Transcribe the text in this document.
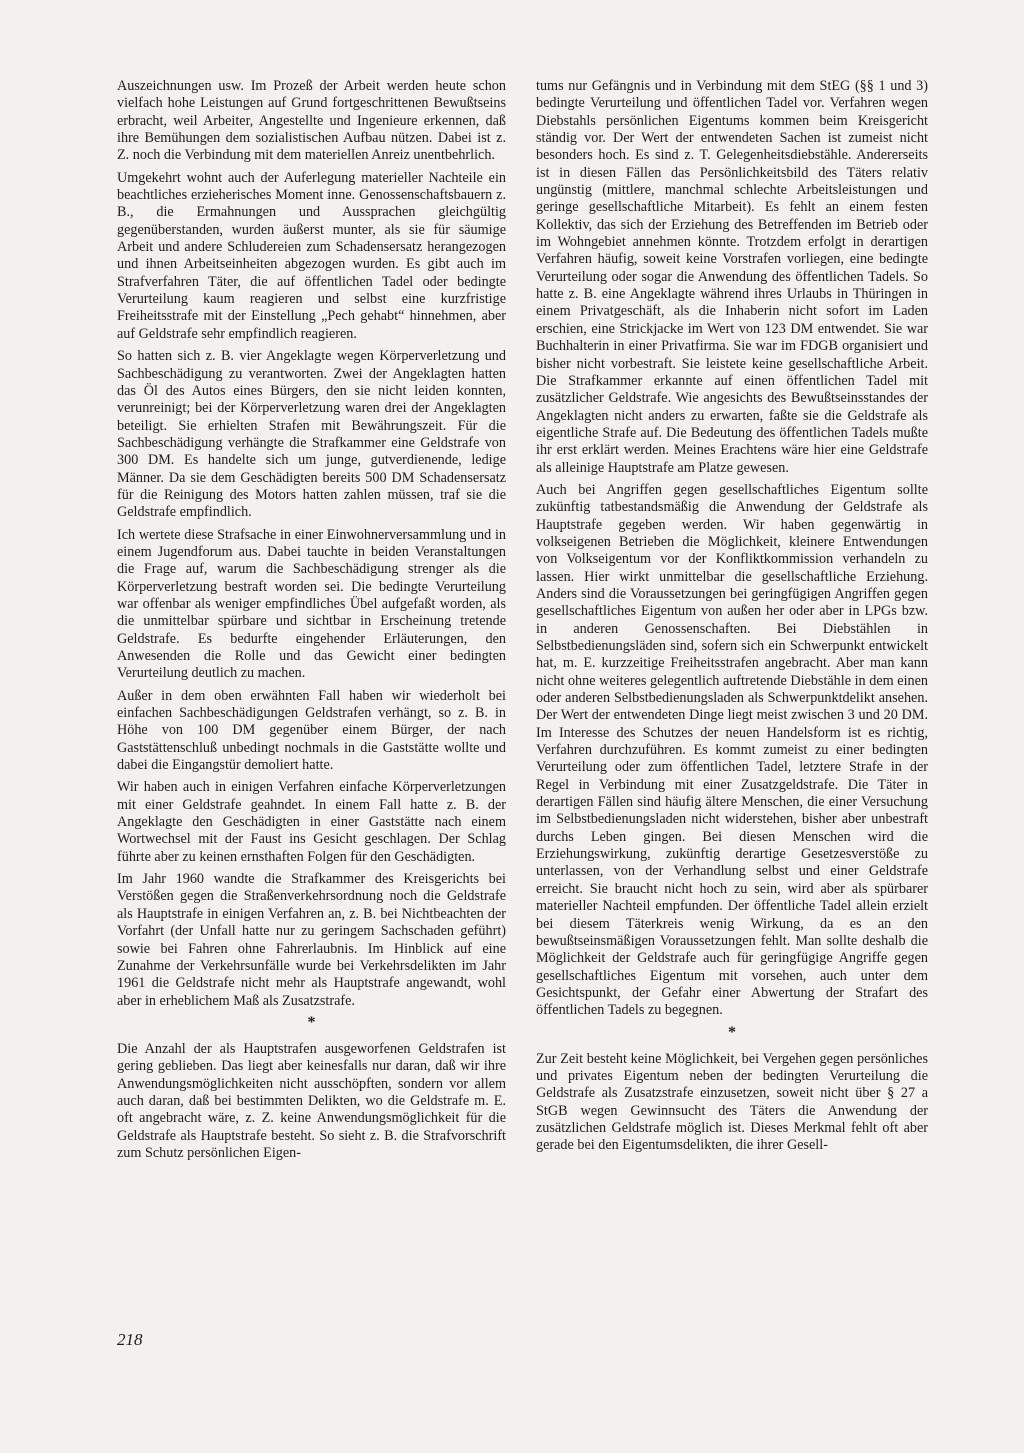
Auszeichnungen usw. Im Prozeß der Arbeit werden heute schon vielfach hohe Leistungen auf Grund fortgeschrittenen Bewußtseins erbracht, weil Arbeiter, Angestellte und Ingenieure erkennen, daß ihre Bemühungen dem sozialistischen Aufbau nützen. Dabei ist z. Z. noch die Verbindung mit dem materiellen Anreiz unentbehrlich.

Umgekehrt wohnt auch der Auferlegung materieller Nachteile ein beachtliches erzieherisches Moment inne. Genossenschaftsbauern z. B., die Ermahnungen und Aussprachen gleichgültig gegenüberstanden, wurden äußerst munter, als sie für säumige Arbeit und andere Schludereien zum Schadensersatz herangezogen und ihnen Arbeitseinheiten abgezogen wurden. Es gibt auch im Strafverfahren Täter, die auf öffentlichen Tadel oder bedingte Verurteilung kaum reagieren und selbst eine kurzfristige Freiheitsstrafe mit der Einstellung „Pech gehabt“ hinnehmen, aber auf Geldstrafe sehr empfindlich reagieren.

So hatten sich z. B. vier Angeklagte wegen Körperverletzung und Sachbeschädigung zu verantworten. Zwei der Angeklagten hatten das Öl des Autos eines Bürgers, den sie nicht leiden konnten, verunreinigt; bei der Körperverletzung waren drei der Angeklagten beteiligt. Sie erhielten Strafen mit Bewährungszeit. Für die Sachbeschädigung verhängte die Strafkammer eine Geldstrafe von 300 DM. Es handelte sich um junge, gutverdienende, ledige Männer. Da sie dem Geschädigten bereits 500 DM Schadensersatz für die Reinigung des Motors hatten zahlen müssen, traf sie die Geldstrafe empfindlich.

Ich wertete diese Strafsache in einer Einwohnerversammlung und in einem Jugendforum aus. Dabei tauchte in beiden Veranstaltungen die Frage auf, warum die Sachbeschädigung strenger als die Körperverletzung bestraft worden sei. Die bedingte Verurteilung war offenbar als weniger empfindliches Übel aufgefaßt worden, als die unmittelbar spürbare und sichtbar in Erscheinung tretende Geldstrafe. Es bedurfte eingehender Erläuterungen, den Anwesenden die Rolle und das Gewicht einer bedingten Verurteilung deutlich zu machen.

Außer in dem oben erwähnten Fall haben wir wiederholt bei einfachen Sachbeschädigungen Geldstrafen verhängt, so z. B. in Höhe von 100 DM gegenüber einem Bürger, der nach Gaststättenschluß unbedingt nochmals in die Gaststätte wollte und dabei die Eingangstür demoliert hatte.

Wir haben auch in einigen Verfahren einfache Körperverletzungen mit einer Geldstrafe geahndet. In einem Fall hatte z. B. der Angeklagte den Geschädigten in einer Gaststätte nach einem Wortwechsel mit der Faust ins Gesicht geschlagen. Der Schlag führte aber zu keinen ernsthaften Folgen für den Geschädigten.

Im Jahr 1960 wandte die Strafkammer des Kreisgerichts bei Verstößen gegen die Straßenverkehrsordnung noch die Geldstrafe als Hauptstrafe in einigen Verfahren an, z. B. bei Nichtbeachten der Vorfahrt (der Unfall hatte nur zu geringem Sachschaden geführt) sowie bei Fahren ohne Fahrerlaubnis. Im Hinblick auf eine Zunahme der Verkehrsunfälle wurde bei Verkehrsdelikten im Jahr 1961 die Geldstrafe nicht mehr als Hauptstrafe angewandt, wohl aber in erheblichem Maß als Zusatzstrafe.

*

Die Anzahl der als Hauptstrafen ausgeworfenen Geldstrafen ist gering geblieben. Das liegt aber keinesfalls nur daran, daß wir ihre Anwendungsmöglichkeiten nicht ausschöpften, sondern vor allem auch daran, daß bei bestimmten Delikten, wo die Geldstrafe m. E. oft angebracht wäre, z. Z. keine Anwendungsmöglichkeit für die Geldstrafe als Hauptstrafe besteht. So sieht z. B. die Strafvorschrift zum Schutz persönlichen Eigen-

tums nur Gefängnis und in Verbindung mit dem StEG (§§ 1 und 3) bedingte Verurteilung und öffentlichen Tadel vor. Verfahren wegen Diebstahls persönlichen Eigentums kommen beim Kreisgericht ständig vor. Der Wert der entwendeten Sachen ist zumeist nicht besonders hoch. Es sind z. T. Gelegenheitsdiebstähle. Andererseits ist in diesen Fällen das Persönlichkeitsbild des Täters relativ ungünstig (mittlere, manchmal schlechte Arbeitsleistungen und geringe gesellschaftliche Mitarbeit). Es fehlt an einem festen Kollektiv, das sich der Erziehung des Betreffenden im Betrieb oder im Wohngebiet annehmen könnte. Trotzdem erfolgt in derartigen Verfahren häufig, soweit keine Vorstrafen vorliegen, eine bedingte Verurteilung oder sogar die Anwendung des öffentlichen Tadels. So hatte z. B. eine Angeklagte während ihres Urlaubs in Thüringen in einem Privatgeschäft, als die Inhaberin nicht sofort im Laden erschien, eine Strickjacke im Wert von 123 DM entwendet. Sie war Buchhalterin in einer Privatfirma. Sie war im FDGB organisiert und bisher nicht vorbestraft. Sie leistete keine gesellschaftliche Arbeit. Die Strafkammer erkannte auf einen öffentlichen Tadel mit zusätzlicher Geldstrafe. Wie angesichts des Bewußtseinsstandes der Angeklagten nicht anders zu erwarten, faßte sie die Geldstrafe als eigentliche Strafe auf. Die Bedeutung des öffentlichen Tadels mußte ihr erst erklärt werden. Meines Erachtens wäre hier eine Geldstrafe als alleinige Hauptstrafe am Platze gewesen.

Auch bei Angriffen gegen gesellschaftliches Eigentum sollte zukünftig tatbestandsmäßig die Anwendung der Geldstrafe als Hauptstrafe gegeben werden. Wir haben gegenwärtig in volkseigenen Betrieben die Möglichkeit, kleinere Entwendungen von Volkseigentum vor der Konfliktkommission verhandeln zu lassen. Hier wirkt unmittelbar die gesellschaftliche Erziehung. Anders sind die Voraussetzungen bei geringfügigen Angriffen gegen gesellschaftliches Eigentum von außen her oder aber in LPGs bzw. in anderen Genossenschaften. Bei Diebstählen in Selbstbedienungsläden sind, sofern sich ein Schwerpunkt entwickelt hat, m. E. kurzzeitige Freiheitsstrafen angebracht. Aber man kann nicht ohne weiteres gelegentlich auftretende Diebstähle in dem einen oder anderen Selbstbedienungsladen als Schwerpunktdelikt ansehen. Der Wert der entwendeten Dinge liegt meist zwischen 3 und 20 DM. Im Interesse des Schutzes der neuen Handelsform ist es richtig, Verfahren durchzuführen. Es kommt zumeist zu einer bedingten Verurteilung oder zum öffentlichen Tadel, letztere Strafe in der Regel in Verbindung mit einer Zusatzgeldstrafe. Die Täter in derartigen Fällen sind häufig ältere Menschen, die einer Versuchung im Selbstbedienungsladen nicht widerstehen, bisher aber unbestraft durchs Leben gingen. Bei diesen Menschen wird die Erziehungswirkung, zukünftig derartige Gesetzesverstöße zu unterlassen, von der Verhandlung selbst und einer Geldstrafe erreicht. Sie braucht nicht hoch zu sein, wird aber als spürbarer materieller Nachteil empfunden. Der öffentliche Tadel allein erzielt bei diesem Täterkreis wenig Wirkung, da es an den bewußtseinsmäßigen Voraussetzungen fehlt. Man sollte deshalb die Möglichkeit der Geldstrafe auch für geringfügige Angriffe gegen gesellschaftliches Eigentum mit vorsehen, auch unter dem Gesichtspunkt, der Gefahr einer Abwertung der Strafart des öffentlichen Tadels zu begegnen.

*

Zur Zeit besteht keine Möglichkeit, bei Vergehen gegen persönliches und privates Eigentum neben der bedingten Verurteilung die Geldstrafe als Zusatzstrafe einzusetzen, soweit nicht über § 27 a StGB wegen Gewinnsucht des Täters die Anwendung der zusätzlichen Geldstrafe möglich ist. Dieses Merkmal fehlt oft aber gerade bei den Eigentumsdelikten, die ihrer Gesell-

218
